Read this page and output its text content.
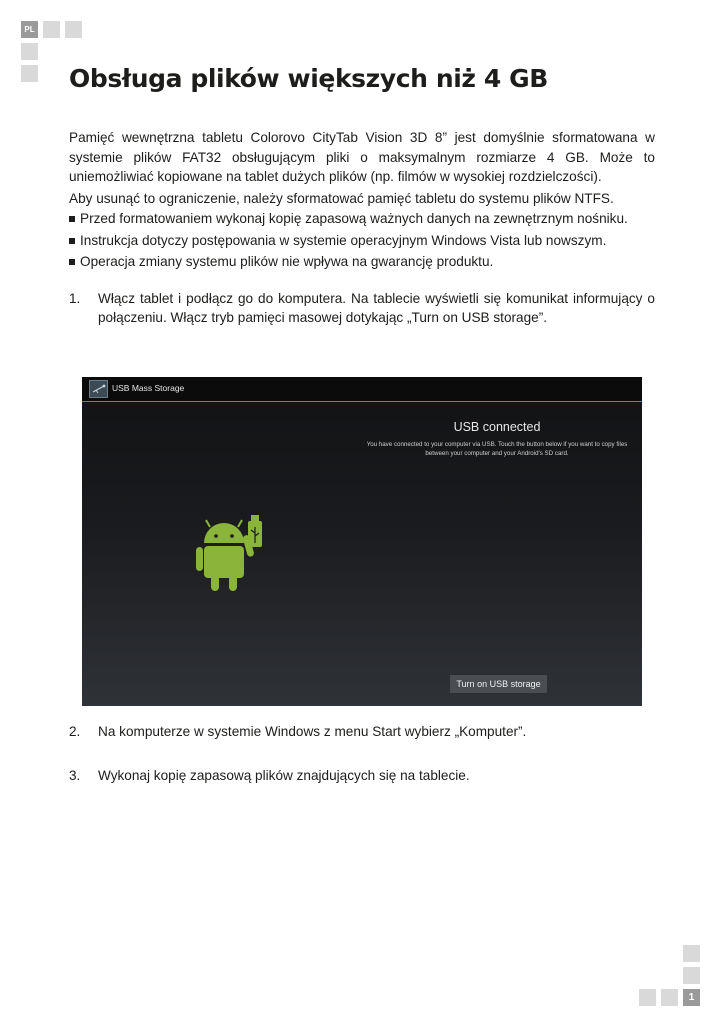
PL
Obsługa plików większych niż 4 GB

Pamięć wewnętrzna tabletu Colorovo CityTab Vision 3D 8” jest domyślnie sformatowana w systemie plików FAT32 obsługującym pliki o maksymalnym rozmiarze 4 GB. Może to uniemożliwiać kopiowane na tablet dużych plików (np. filmów w wysokiej rozdzielczości).

Aby usunąć to ograniczenie, należy sformatować pamięć tabletu do systemu plików NTFS.

Przed formatowaniem wykonaj kopię zapasową ważnych danych na zewnętrznym nośniku.
Instrukcja dotyczy postępowania w systemie operacyjnym Windows Vista lub nowszym.
Operacja zmiany systemu plików nie wpływa na gwarancję produktu.
1. Włącz tablet i podłącz go do komputera. Na tablecie wyświetli się komunikat informujący o połączeniu. Włącz tryb pamięci masowej dotykając „Turn on USB storage”.
USB Mass Storage
USB connected
You have connected to your computer via USB. Touch the button below if you want to copy files between your computer and your Android's SD card.
Turn on USB storage
2. Na komputerze w systemie Windows z menu Start wybierz „Komputer”.
3. Wykonaj kopię zapasową plików znajdujących się na tablecie.
1
